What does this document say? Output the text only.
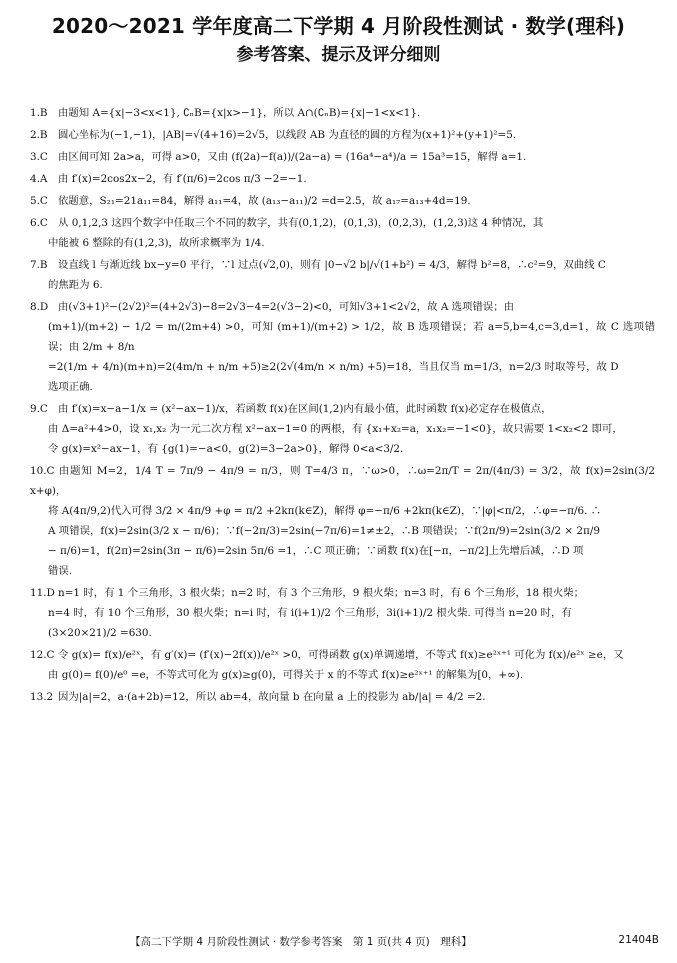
2020～2021 学年度高二下学期 4 月阶段性测试 · 数学(理科)
参考答案、提示及评分细则
1.B 由题知 A={x|−3<x<1}, ∁ₙB={x|x>−1}，所以 A∩(∁ₙB)={x|−1<x<1}.
2.B 圆心坐标为(−1,−1)，|AB|=√(4+16)=2√5，以线段 AB 为直径的圆的方程为(x+1)²+(y+1)²=5.
3.C 由区间可知 2a>a，可得 a>0，又由 (f(2a)−f(a))/(2a−a) = (16a⁴−a⁴)/a = 15a³=15，解得 a=1.
4.A 由 f′(x)=2cos2x−2，有 f′(π/6)=2cos π/3 −2=−1.
5.C 依题意，S₂₁=21a₁₁=84，解得 a₁₁=4，故 (a₁₃−a₁₁)/2 =d=2.5，故 a₁₇=a₁₃+4d=19.
6.C 从 0,1,2,3 这四个数字中任取三个不同的数字，共有(0,1,2)，(0,1,3)，(0,2,3)，(1,2,3)这 4 种情况，其
中能被 6 整除的有(1,2,3)，故所求概率为 1/4.
7.B 设直线 l 与渐近线 bx−y=0 平行，∵l 过点(√2,0)，则有 |0−√2 b|/√(1+b²) = 4/3，解得 b²=8，∴c²=9，双曲线 C
的焦距为 6.
8.D 由(√3+1)²−(2√2)²=(4+2√3)−8=2√3−4=2(√3−2)<0，可知√3+1<2√2，故 A 选项错误；由
(m+1)/(m+2) − 1/2 = m/(2m+4) >0，可知 (m+1)/(m+2) > 1/2，故 B 选项错误；若 a=5,b=4,c=3,d=1，故 C 选项错误；由 2/m + 8/n
=2(1/m + 4/n)(m+n)=2(4m/n + n/m +5)≥2(2√(4m/n × n/m) +5)=18，当且仅当 m=1/3，n=2/3 时取等号，故 D
选项正确.
9.C 由 f′(x)=x−a−1/x = (x²−ax−1)/x，若函数 f(x)在区间(1,2)内有最小值，此时函数 f(x)必定存在极值点，
由 Δ=a²+4>0，设 x₁,x₂ 为一元二次方程 x²−ax−1=0 的两根，有 {x₁+x₂=a，x₁x₂=−1<0}，故只需要 1<x₂<2 即可，
令 g(x)=x²−ax−1，有 {g(1)=−a<0，g(2)=3−2a>0}，解得 0<a<3/2.
10.C 由题知 M=2，1/4 T = 7π/9 − 4π/9 = π/3，则 T=4/3 π，∵ω>0，∴ω=2π/T = 2π/(4π/3) = 3/2，故 f(x)=2sin(3/2 x+φ)，
将 A(4π/9,2)代入可得 3/2 × 4π/9 +φ = π/2 +2kπ(k∈Z)，解得 φ=−π/6 +2kπ(k∈Z)，∵|φ|<π/2，∴φ=−π/6. ∴
A 项错误，f(x)=2sin(3/2 x − π/6)；∵f(−2π/3)=2sin(−7π/6)=1≠±2，∴B 项错误；∵f(2π/9)=2sin(3/2 × 2π/9
− π/6)=1，f(2π)=2sin(3π − π/6)=2sin 5π/6 =1，∴C 项正确；∵函数 f(x)在[−π，−π/2]上先增后减，∴D 项
错误.
11.D n=1 时，有 1 个三角形，3 根火柴；n=2 时，有 3 个三角形，9 根火柴；n=3 时，有 6 个三角形，18 根火柴；
n=4 时，有 10 个三角形，30 根火柴；n=i 时，有 i(i+1)/2 个三角形，3i(i+1)/2 根火柴. 可得当 n=20 时，有
(3×20×21)/2 =630.
12.C 令 g(x)= f(x)/e²ˣ，有 g′(x)= (f′(x)−2f(x))/e²ˣ >0，可得函数 g(x)单调递增，不等式 f(x)≥e²ˣ⁺¹ 可化为 f(x)/e²ˣ ≥e，又
由 g(0)= f(0)/e⁰ =e，不等式可化为 g(x)≥g(0)，可得关于 x 的不等式 f(x)≥e²ˣ⁺¹ 的解集为[0，+∞).
13.2 因为|a|=2，a·(a+2b)=12，所以 ab=4，故向量 b 在向量 a 上的投影为 ab/|a| = 4/2 =2.
【高二下学期 4 月阶段性测试 · 数学参考答案　第 1 页(共 4 页)　理科】	21404B
